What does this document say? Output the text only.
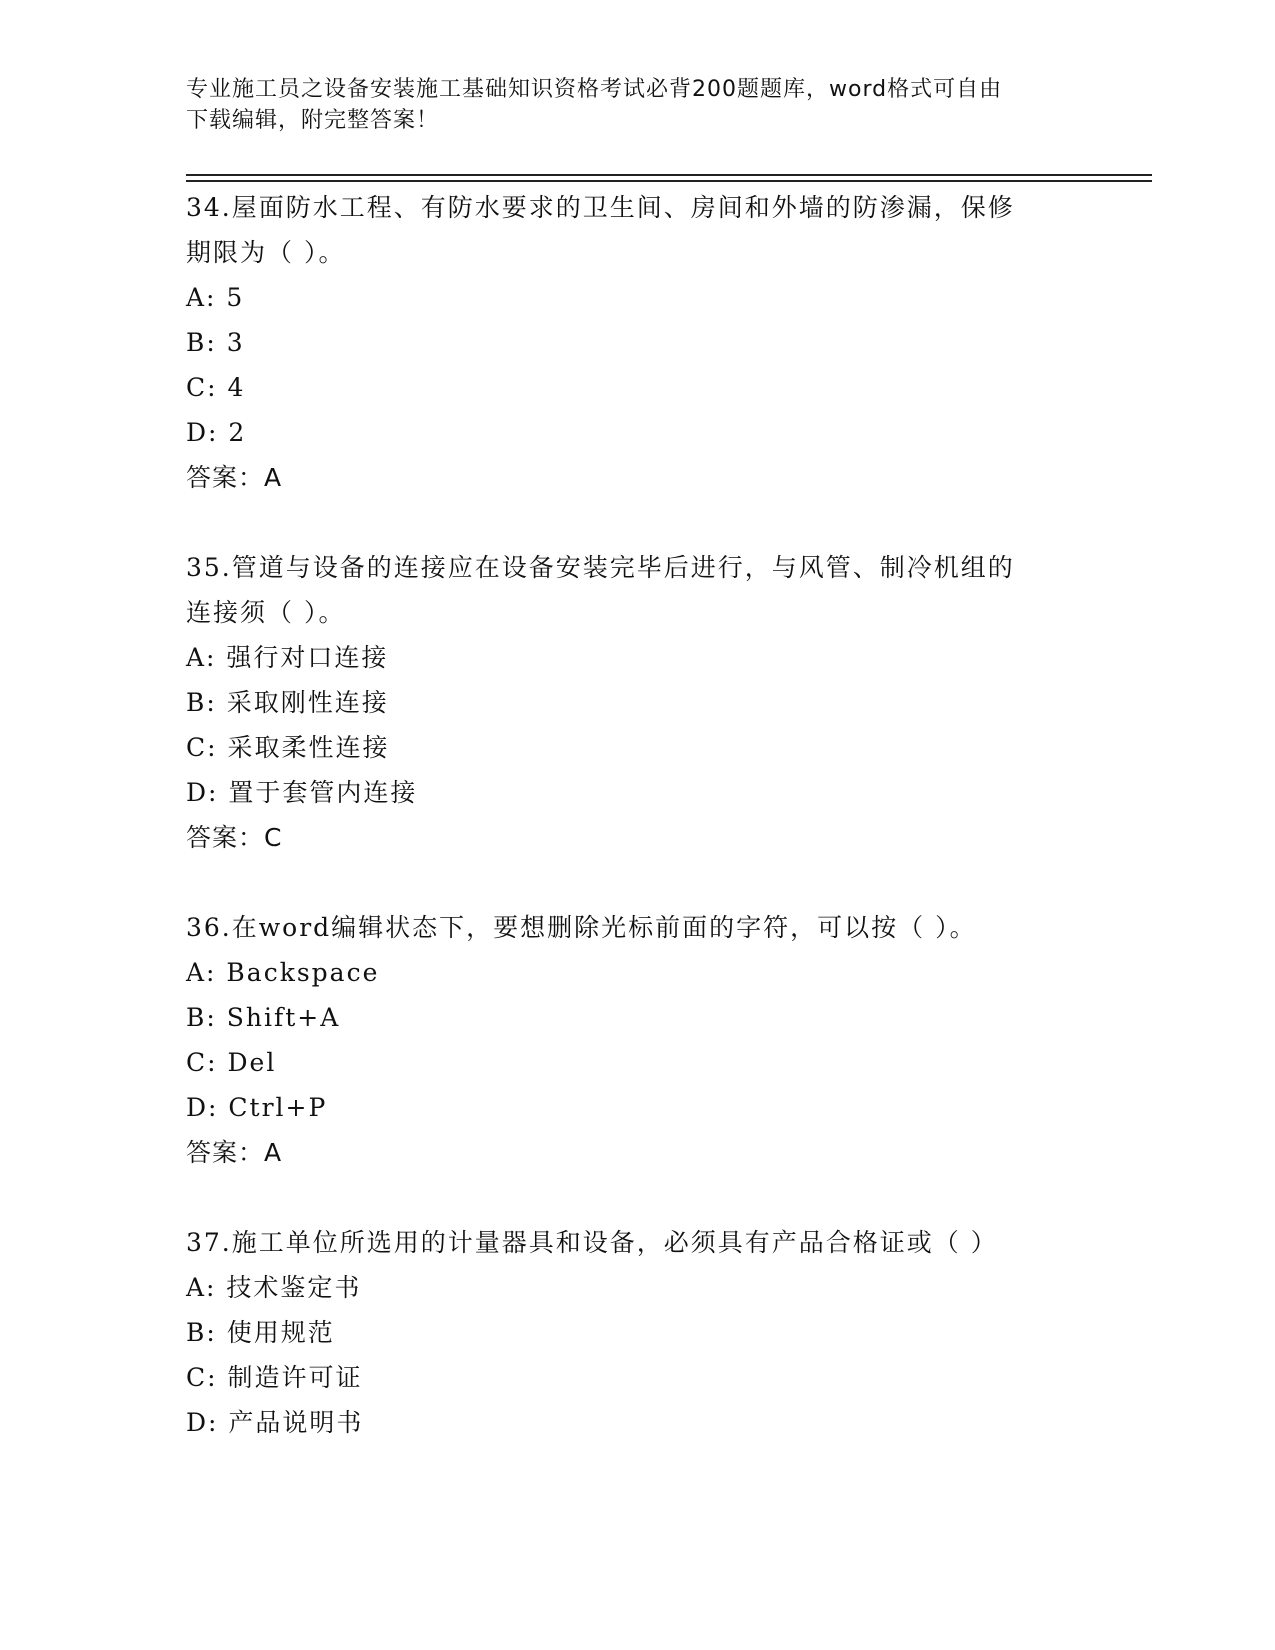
专业施工员之设备安装施工基础知识资格考试必背200题题库，word格式可自由
下载编辑，附完整答案！
34.屋面防水工程、有防水要求的卫生间、房间和外墙的防渗漏，保修
期限为（ ）。
A: 5
B: 3
C: 4
D: 2
答案：A
35.管道与设备的连接应在设备安装完毕后进行，与风管、制冷机组的
连接须（ ）。
A: 强行对口连接
B: 采取刚性连接
C: 采取柔性连接
D: 置于套管内连接
答案：C
36.在word编辑状态下，要想删除光标前面的字符，可以按（ ）。
A: Backspace
B: Shift+A
C: Del
D: Ctrl+P
答案：A
37.施工单位所选用的计量器具和设备，必须具有产品合格证或（ ）
A: 技术鉴定书
B: 使用规范
C: 制造许可证
D: 产品说明书
